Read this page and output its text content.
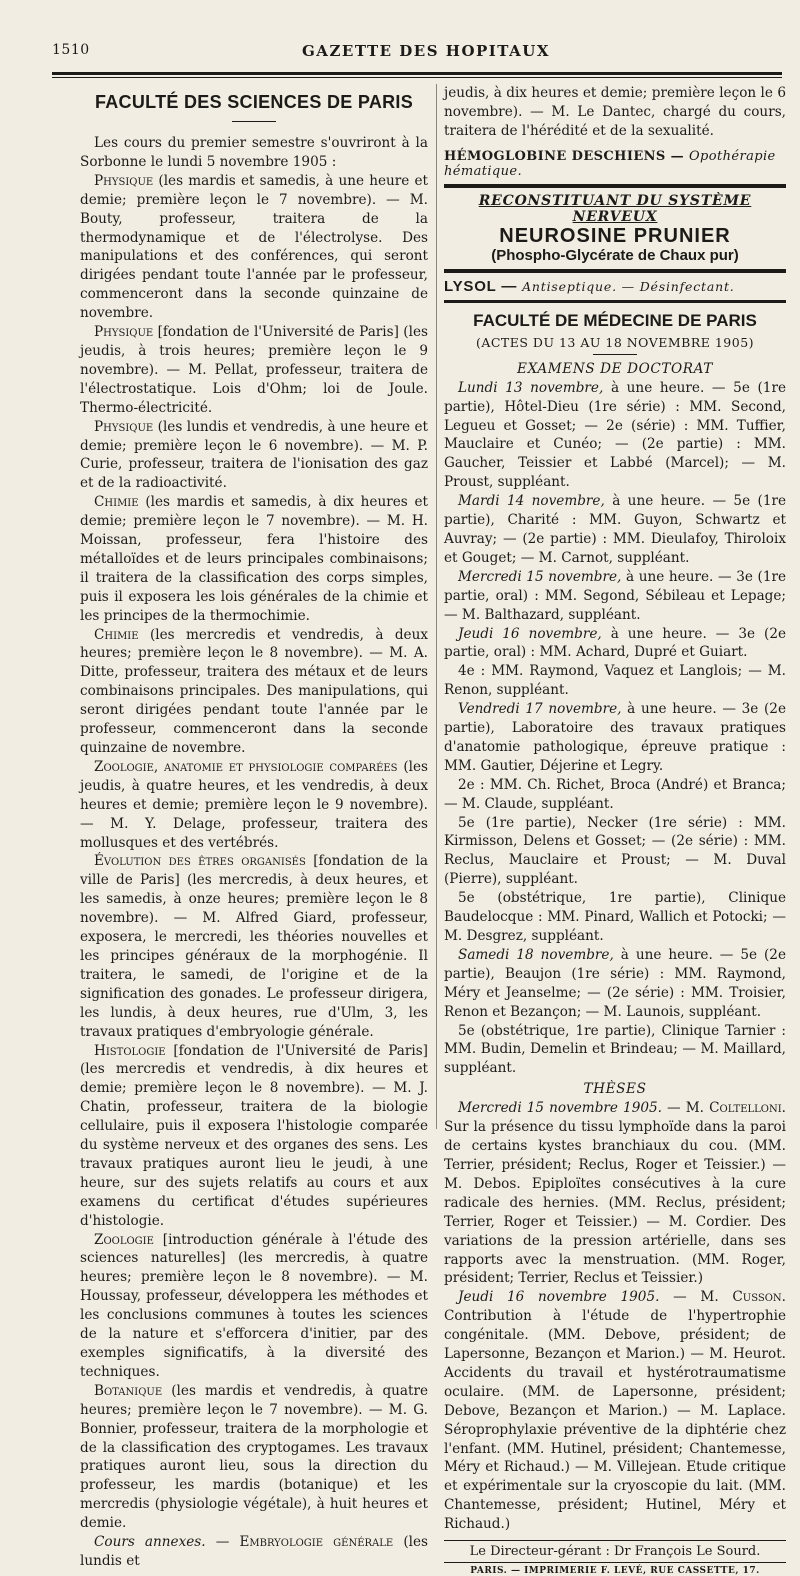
1510	GAZETTE DES HOPITAUX
FACULTÉ DES SCIENCES DE PARIS

Les cours du premier semestre s'ouvriront à la Sorbonne le lundi 5 novembre 1905 :

Physique (les mardis et samedis, à une heure et demie; première leçon le 7 novembre). — M. Bouty, professeur, traitera de la thermodynamique et de l'électrolyse. Des manipulations et des conférences, qui seront dirigées pendant toute l'année par le professeur, commenceront dans la seconde quinzaine de novembre.

Physique [fondation de l'Université de Paris] (les jeudis, à trois heures; première leçon le 9 novembre). — M. Pellat, professeur, traitera de l'électrostatique. Lois d'Ohm; loi de Joule. Thermo-électricité.

Physique (les lundis et vendredis, à une heure et demie; première leçon le 6 novembre). — M. P. Curie, professeur, traitera de l'ionisation des gaz et de la radioactivité.

Chimie (les mardis et samedis, à dix heures et demie; première leçon le 7 novembre). — M. H. Moissan, professeur, fera l'histoire des métalloïdes et de leurs principales combinaisons; il traitera de la classification des corps simples, puis il exposera les lois générales de la chimie et les principes de la thermochimie.

Chimie (les mercredis et vendredis, à deux heures; première leçon le 8 novembre). — M. A. Ditte, professeur, traitera des métaux et de leurs combinaisons principales. Des manipulations, qui seront dirigées pendant toute l'année par le professeur, commenceront dans la seconde quinzaine de novembre.

Zoologie, anatomie et physiologie comparées (les jeudis, à quatre heures, et les vendredis, à deux heures et demie; première leçon le 9 novembre). — M. Y. Delage, professeur, traitera des mollusques et des vertébrés.

Évolution des êtres organisés [fondation de la ville de Paris] (les mercredis, à deux heures, et les samedis, à onze heures; première leçon le 8 novembre). — M. Alfred Giard, professeur, exposera, le mercredi, les théories nouvelles et les principes généraux de la morphogénie. Il traitera, le samedi, de l'origine et de la signification des gonades. Le professeur dirigera, les lundis, à deux heures, rue d'Ulm, 3, les travaux pratiques d'embryologie générale.

Histologie [fondation de l'Université de Paris] (les mercredis et vendredis, à dix heures et demie; première leçon le 8 novembre). — M. J. Chatin, professeur, traitera de la biologie cellulaire, puis il exposera l'histologie comparée du système nerveux et des organes des sens. Les travaux pratiques auront lieu le jeudi, à une heure, sur des sujets relatifs au cours et aux examens du certificat d'études supérieures d'histologie.

Zoologie [introduction générale à l'étude des sciences naturelles] (les mercredis, à quatre heures; première leçon le 8 novembre). — M. Houssay, professeur, développera les méthodes et les conclusions communes à toutes les sciences de la nature et s'efforcera d'initier, par des exemples significatifs, à la diversité des techniques.

Botanique (les mardis et vendredis, à quatre heures; première leçon le 7 novembre). — M. G. Bonnier, professeur, traitera de la morphologie et de la classification des cryptogames. Les travaux pratiques auront lieu, sous la direction du professeur, les mardis (botanique) et les mercredis (physiologie végétale), à huit heures et demie.

Cours annexes. — Embryologie générale (les lundis et

jeudis, à dix heures et demie; première leçon le 6 novembre). — M. Le Dantec, chargé du cours, traitera de l'hérédité et de la sexualité.

HÉMOGLOBINE DESCHIENS — Opothérapie hématique.
RECONSTITUANT DU SYSTÈME NERVEUX
NEUROSINE PRUNIER
(Phospho-Glycérate de Chaux pur)
LYSOL — Antiseptique. — Désinfectant.
FACULTÉ DE MÉDECINE DE PARIS
(ACTES DU 13 AU 18 NOVEMBRE 1905)
EXAMENS DE DOCTORAT

Lundi 13 novembre, à une heure. — 5e (1re partie), Hôtel-Dieu (1re série) : MM. Second, Legueu et Gosset; — 2e (série) : MM. Tuffier, Mauclaire et Cunéo; — (2e partie) : MM. Gaucher, Teissier et Labbé (Marcel); — M. Proust, suppléant.

Mardi 14 novembre, à une heure. — 5e (1re partie), Charité : MM. Guyon, Schwartz et Auvray; — (2e partie) : MM. Dieulafoy, Thiroloix et Gouget; — M. Carnot, suppléant.

Mercredi 15 novembre, à une heure. — 3e (1re partie, oral) : MM. Segond, Sébileau et Lepage; — M. Balthazard, suppléant.

Jeudi 16 novembre, à une heure. — 3e (2e partie, oral) : MM. Achard, Dupré et Guiart.

4e : MM. Raymond, Vaquez et Langlois; — M. Renon, suppléant.

Vendredi 17 novembre, à une heure. — 3e (2e partie), Laboratoire des travaux pratiques d'anatomie pathologique, épreuve pratique : MM. Gautier, Déjerine et Legry.

2e : MM. Ch. Richet, Broca (André) et Branca; — M. Claude, suppléant.

5e (1re partie), Necker (1re série) : MM. Kirmisson, Delens et Gosset; — (2e série) : MM. Reclus, Mauclaire et Proust; — M. Duval (Pierre), suppléant.

5e (obstétrique, 1re partie), Clinique Baudelocque : MM. Pinard, Wallich et Potocki; — M. Desgrez, suppléant.

Samedi 18 novembre, à une heure. — 5e (2e partie), Beaujon (1re série) : MM. Raymond, Méry et Jeanselme; — (2e série) : MM. Troisier, Renon et Bezançon; — M. Launois, suppléant.

5e (obstétrique, 1re partie), Clinique Tarnier : MM. Budin, Demelin et Brindeau; — M. Maillard, suppléant.

THÈSES

Mercredi 15 novembre 1905. — M. Coltelloni. Sur la présence du tissu lymphoïde dans la paroi de certains kystes branchiaux du cou. (MM. Terrier, président; Reclus, Roger et Teissier.) — M. Debos. Epiploïtes consécutives à la cure radicale des hernies. (MM. Reclus, président; Terrier, Roger et Teissier.) — M. Cordier. Des variations de la pression artérielle, dans ses rapports avec la menstruation. (MM. Roger, président; Terrier, Reclus et Teissier.)

Jeudi 16 novembre 1905. — M. Cusson. Contribution à l'étude de l'hypertrophie congénitale. (MM. Debove, président; de Lapersonne, Bezançon et Marion.) — M. Heurot. Accidents du travail et hystérotraumatisme oculaire. (MM. de Lapersonne, président; Debove, Bezançon et Marion.) — M. Laplace. Séroprophylaxie préventive de la diphtérie chez l'enfant. (MM. Hutinel, président; Chantemesse, Méry et Richaud.) — M. Villejean. Etude critique et expérimentale sur la cryoscopie du lait. (MM. Chantemesse, président; Hutinel, Méry et Richaud.)

Le Directeur-gérant : Dr François Le Sourd.
PARIS. — IMPRIMERIE F. LEVÉ, RUE CASSETTE, 17.
